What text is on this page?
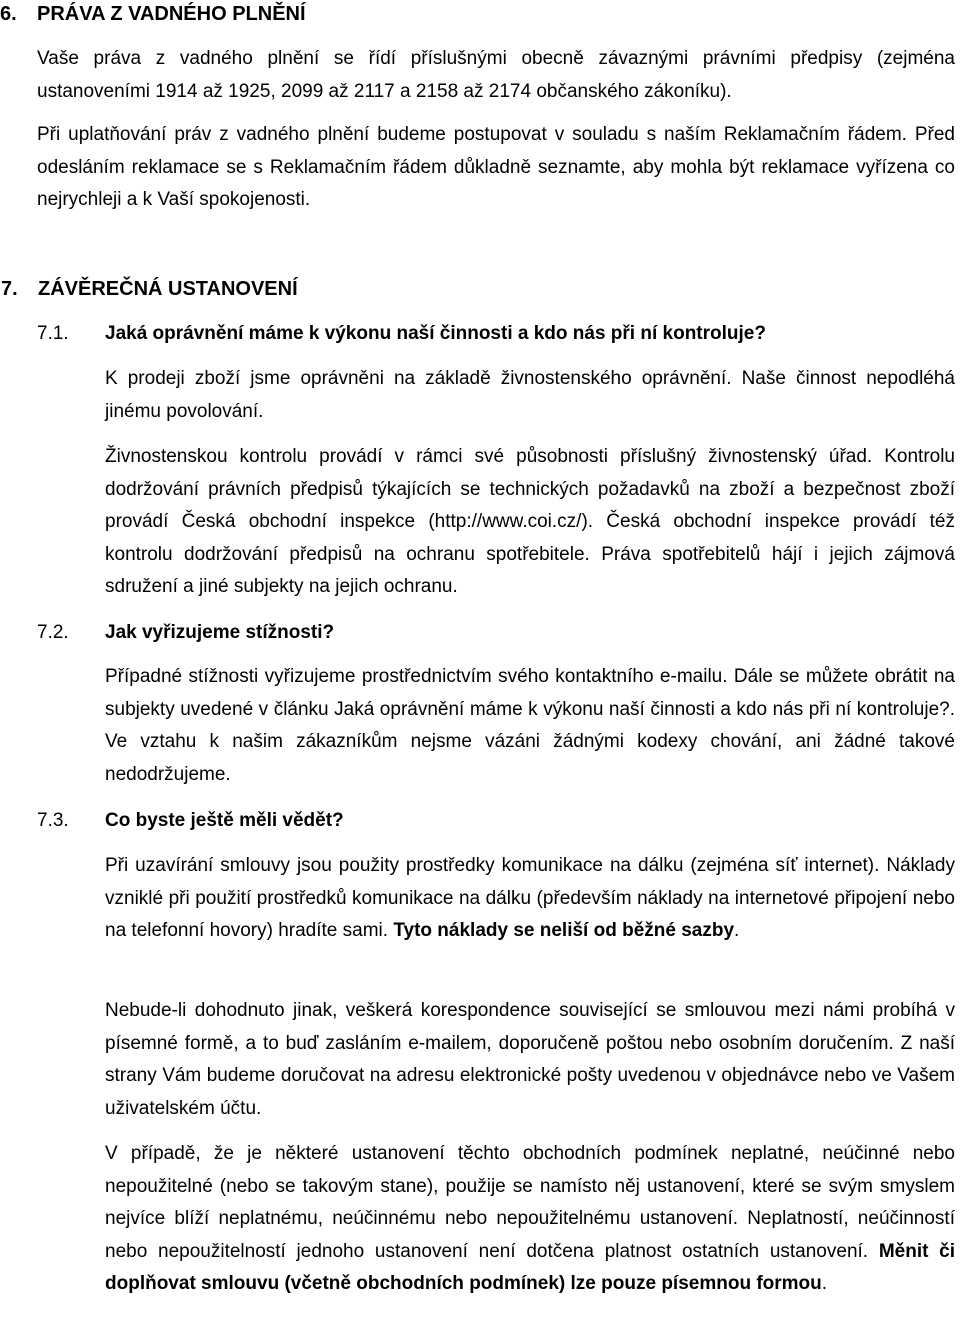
6. PRÁVA Z VADNÉHO PLNĚNÍ
Vaše práva z vadného plnění se řídí příslušnými obecně závaznými právními předpisy (zejména ustanoveními 1914 až 1925, 2099 až 2117 a 2158 až 2174 občanského zákoníku).
Při uplatňování práv z vadného plnění budeme postupovat v souladu s naším Reklamačním řádem. Před odesláním reklamace se s Reklamačním řádem důkladně seznamte, aby mohla být reklamace vyřízena co nejrychleji a k Vaší spokojenosti.
7. ZÁVĚREČNÁ USTANOVENÍ
7.1. Jaká oprávnění máme k výkonu naší činnosti a kdo nás při ní kontroluje?
K prodeji zboží jsme oprávněni na základě živnostenského oprávnění. Naše činnost nepodléhá jinému povolování.
Živnostenskou kontrolu provádí v rámci své působnosti příslušný živnostenský úřad. Kontrolu dodržování právních předpisů týkajících se technických požadavků na zboží a bezpečnost zboží provádí Česká obchodní inspekce (http://www.coi.cz/). Česká obchodní inspekce provádí též kontrolu dodržování předpisů na ochranu spotřebitele. Práva spotřebitelů hájí i jejich zájmová sdružení a jiné subjekty na jejich ochranu.
7.2. Jak vyřizujeme stížnosti?
Případné stížnosti vyřizujeme prostřednictvím svého kontaktního e-mailu. Dále se můžete obrátit na subjekty uvedené v článku Jaká oprávnění máme k výkonu naší činnosti a kdo nás při ní kontroluje?. Ve vztahu k našim zákazníkům nejsme vázáni žádnými kodexy chování, ani žádné takové nedodržujeme.
7.3. Co byste ještě měli vědět?
Při uzavírání smlouvy jsou použity prostředky komunikace na dálku (zejména síť internet). Náklady vzniklé při použití prostředků komunikace na dálku (především náklady na internetové připojení nebo na telefonní hovory) hradíte sami. Tyto náklady se neliší od běžné sazby.
Nebude-li dohodnuto jinak, veškerá korespondence související se smlouvou mezi námi probíhá v písemné formě, a to buď zasláním e-mailem, doporučeně poštou nebo osobním doručením. Z naší strany Vám budeme doručovat na adresu elektronické pošty uvedenou v objednávce nebo ve Vašem uživatelském účtu.
V případě, že je některé ustanovení těchto obchodních podmínek neplatné, neúčinné nebo nepoužitelné (nebo se takovým stane), použije se namísto něj ustanovení, které se svým smyslem nejvíce blíží neplatnému, neúčinnému nebo nepoužitelnému ustanovení. Neplatností, neúčinností nebo nepoužitelností jednoho ustanovení není dotčena platnost ostatních ustanovení. Měnit či doplňovat smlouvu (včetně obchodních podmínek) lze pouze písemnou formou.
